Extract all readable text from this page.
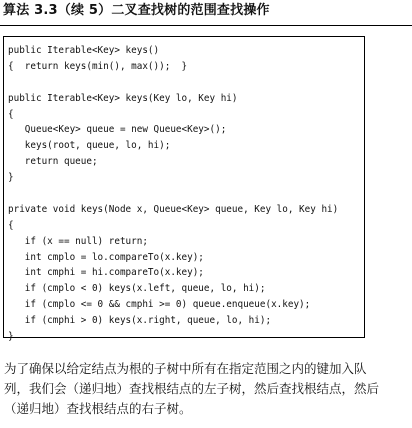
算法 3.3（续 5）二叉查找树的范围查找操作
public Iterable<Key> keys()
{  return keys(min(), max());  }
public Iterable<Key> keys(Key lo, Key hi)
{
Queue<Key> queue = new Queue<Key>();
keys(root, queue, lo, hi);
return queue;
}
private void keys(Node x, Queue<Key> queue, Key lo, Key hi)
{
if (x == null) return;
int cmplo = lo.compareTo(x.key);
int cmphi = hi.compareTo(x.key);
if (cmplo < 0) keys(x.left, queue, lo, hi);
if (cmplo <= 0 && cmphi >= 0) queue.enqueue(x.key);
if (cmphi > 0) keys(x.right, queue, lo, hi);
}
为了确保以给定结点为根的子树中所有在指定范围之内的键加入队
列，我们会（递归地）查找根结点的左子树，然后查找根结点，然后
（递归地）查找根结点的右子树。
